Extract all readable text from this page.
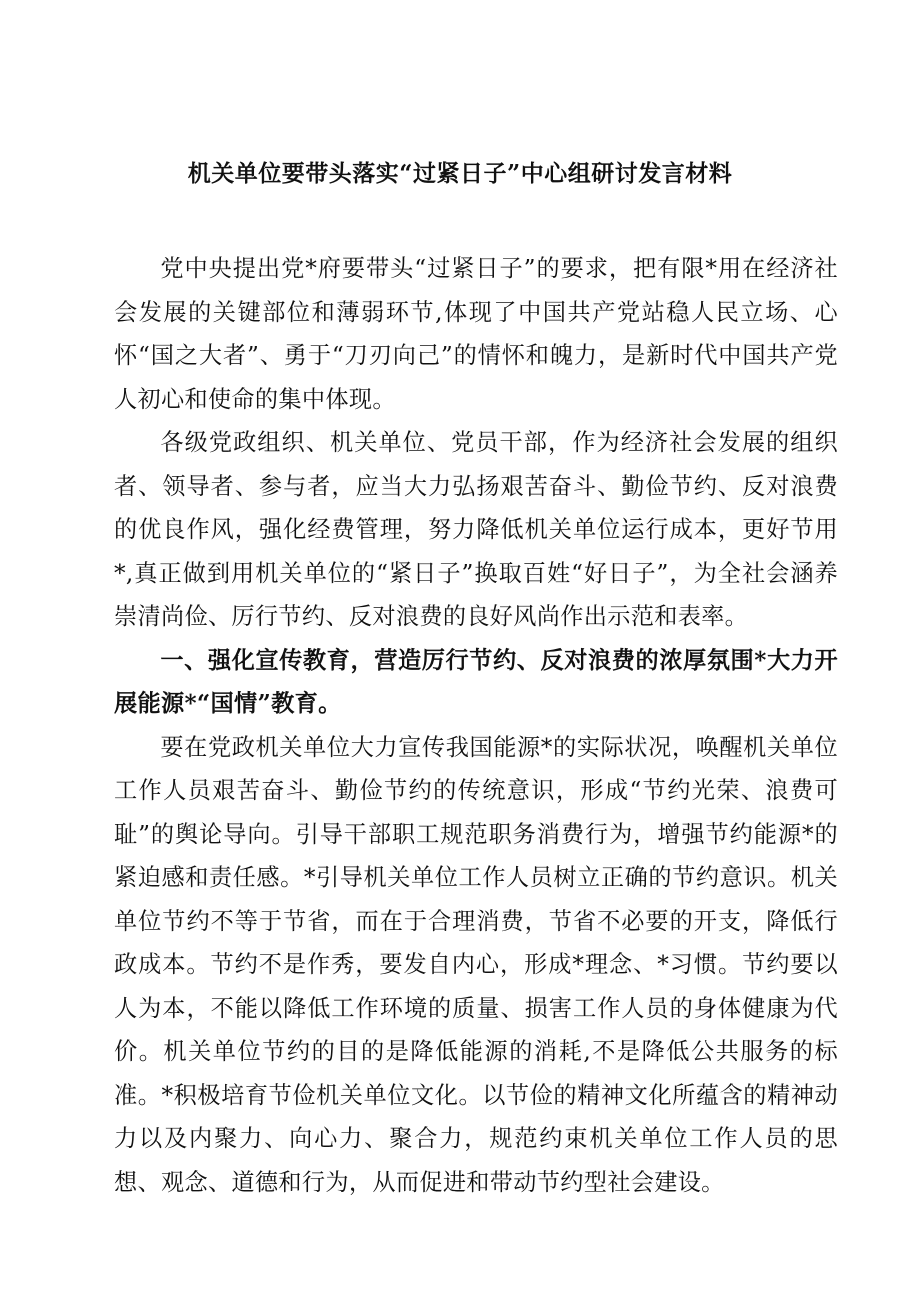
机关单位要带头落实“过紧日子”中心组研讨发言材料

党中央提出党*府要带头“过紧日子”的要求，把有限*用在经济社会发展的关键部位和薄弱环节,体现了中国共产党站稳人民立场、心怀“国之大者”、勇于“刀刃向己”的情怀和魄力，是新时代中国共产党人初心和使命的集中体现。

各级党政组织、机关单位、党员干部，作为经济社会发展的组织者、领导者、参与者，应当大力弘扬艰苦奋斗、勤俭节约、反对浪费的优良作风，强化经费管理，努力降低机关单位运行成本，更好节用*,真正做到用机关单位的“紧日子”换取百姓“好日子”，为全社会涵养崇清尚俭、厉行节约、反对浪费的良好风尚作出示范和表率。

一、强化宣传教育，营造厉行节约、反对浪费的浓厚氛围*大力开展能源*“国情”教育。

要在党政机关单位大力宣传我国能源*的实际状况，唤醒机关单位工作人员艰苦奋斗、勤俭节约的传统意识，形成“节约光荣、浪费可耻”的舆论导向。引导干部职工规范职务消费行为，增强节约能源*的紧迫感和责任感。*引导机关单位工作人员树立正确的节约意识。机关单位节约不等于节省，而在于合理消费，节省不必要的开支，降低行政成本。节约不是作秀，要发自内心，形成*理念、*习惯。节约要以人为本，不能以降低工作环境的质量、损害工作人员的身体健康为代价。机关单位节约的目的是降低能源的消耗,不是降低公共服务的标准。*积极培育节俭机关单位文化。以节俭的精神文化所蕴含的精神动力以及内聚力、向心力、聚合力，规范约束机关单位工作人员的思想、观念、道德和行为，从而促进和带动节约型社会建设。
